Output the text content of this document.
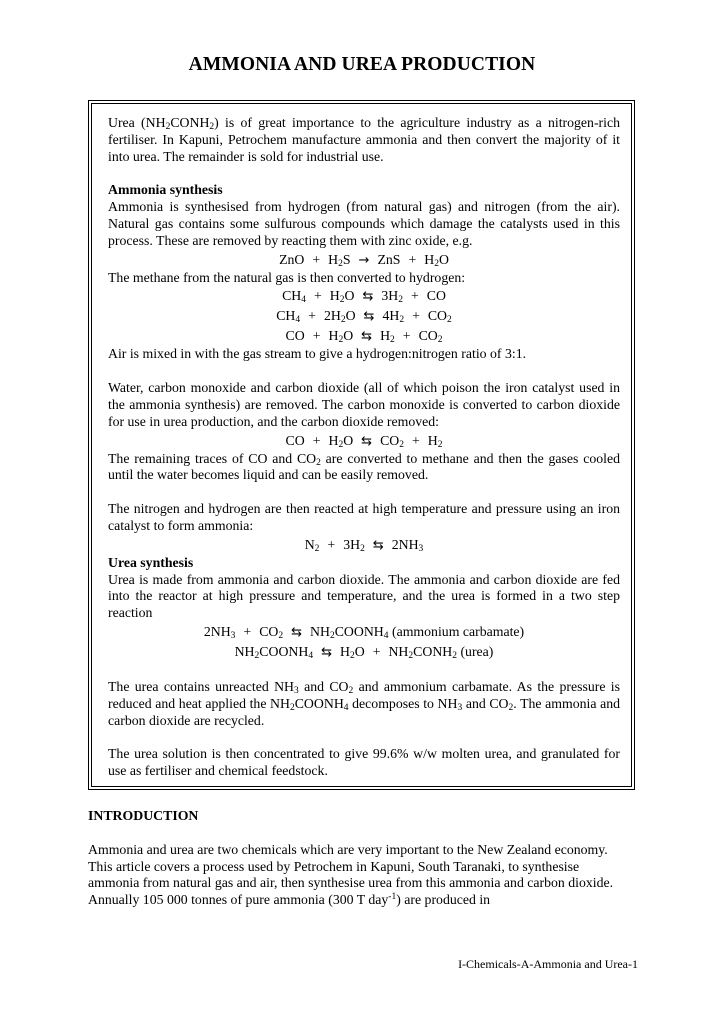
AMMONIA AND UREA PRODUCTION

Urea $(NH_2CONH_2)$ is of great importance to the agriculture industry as a nitrogen-rich fertiliser. In Kapuni, Petrochem manufacture ammonia and then convert the majority of it into urea. The remainder is sold for industrial use.

Ammonia synthesis

Ammonia is synthesised from hydrogen (from natural gas) and nitrogen (from the air). Natural gas contains some sulfurous compounds which damage the catalysts used in this process. These are removed by reacting them with zinc oxide, e.g.

ZnO + $H_2S$ → ZnS + $H_2O$

The methane from the natural gas is then converted to hydrogen:

$CH_4 + H_2O$ ⇆ $3H_2$ + CO

$CH_4 + 2H_2O$ ⇆ $4H_2 + CO_2$

CO + $H_2O$ ⇆ $H_2 + CO_2$

Air is mixed in with the gas stream to give a hydrogen:nitrogen ratio of 3:1.

Water, carbon monoxide and carbon dioxide (all of which poison the iron catalyst used in the ammonia synthesis) are removed. The carbon monoxide is converted to carbon dioxide for use in urea production, and the carbon dioxide removed:

CO + $H_2O$ ⇆ $CO_2 + H_2$

The remaining traces of CO and $CO_2$ are converted to methane and then the gases cooled until the water becomes liquid and can be easily removed.

The nitrogen and hydrogen are then reacted at high temperature and pressure using an iron catalyst to form ammonia:

$N_2 + 3H_2$ ⇆ $2NH_3$

Urea synthesis

Urea is made from ammonia and carbon dioxide. The ammonia and carbon dioxide are fed into the reactor at high pressure and temperature, and the urea is formed in a two step reaction

$2NH_3 + CO_2$ ⇆ $NH_2COONH_4$ (ammonium carbamate)

$NH_2COONH_4$ ⇆ $H_2O$ + $NH_2CONH_2$ (urea)

The urea contains unreacted $NH_3$ and $CO_2$ and ammonium carbamate. As the pressure is reduced and heat applied the $NH_2COONH_4$ decomposes to $NH_3$ and $CO_2$. The ammonia and carbon dioxide are recycled.

The urea solution is then concentrated to give 99.6% w/w molten urea, and granulated for use as fertiliser and chemical feedstock.

INTRODUCTION

Ammonia and urea are two chemicals which are very important to the New Zealand economy. This article covers a process used by Petrochem in Kapuni, South Taranaki, to synthesise ammonia from natural gas and air, then synthesise urea from this ammonia and carbon dioxide. Annually 105 000 tonnes of pure ammonia (300 T day$^{-1}$) are produced in

I-Chemicals-A-Ammonia and Urea-1
